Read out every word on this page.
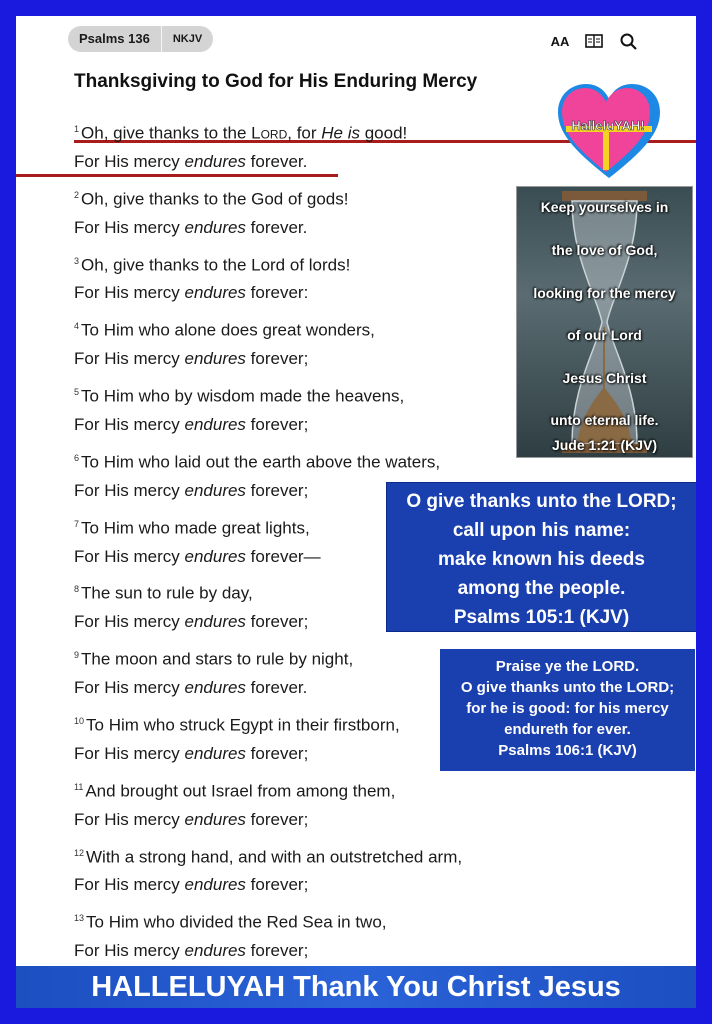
Psalms 136	NKJV	AA
Thanksgiving to God for His Enduring Mercy
$^1$ Oh, give thanks to the Lord, for He is good!
For His mercy endures forever.
$^2$ Oh, give thanks to the God of gods!
For His mercy endures forever.
$^3$ Oh, give thanks to the Lord of lords!
For His mercy endures forever:
$^4$ To Him who alone does great wonders,
For His mercy endures forever;
$^5$ To Him who by wisdom made the heavens,
For His mercy endures forever;
$^6$ To Him who laid out the earth above the waters,
For His mercy endures forever;
$^7$ To Him who made great lights,
For His mercy endures forever—
$^8$ The sun to rule by day,
For His mercy endures forever;
$^9$ The moon and stars to rule by night,
For His mercy endures forever.
$^{10}$ To Him who struck Egypt in their firstborn,
For His mercy endures forever;
$^{11}$ And brought out Israel from among them,
For His mercy endures forever;
$^{12}$ With a strong hand, and with an outstretched arm,
For His mercy endures forever;
$^{13}$ To Him who divided the Red Sea in two,
For His mercy endures forever;
HalleluYAH!
Keep yourselves in
the love of God,
looking for the mercy
of our Lord
Jesus Christ
unto eternal life.
Jude 1:21 (KJV)
O give thanks unto the LORD;
call upon his name:
make known his deeds
among the people.
Psalms 105:1 (KJV)
Praise ye the LORD.
O give thanks unto the LORD;
for he is good: for his mercy
endureth for ever.
Psalms 106:1 (KJV)
HALLELUYAH Thank You Christ Jesus
